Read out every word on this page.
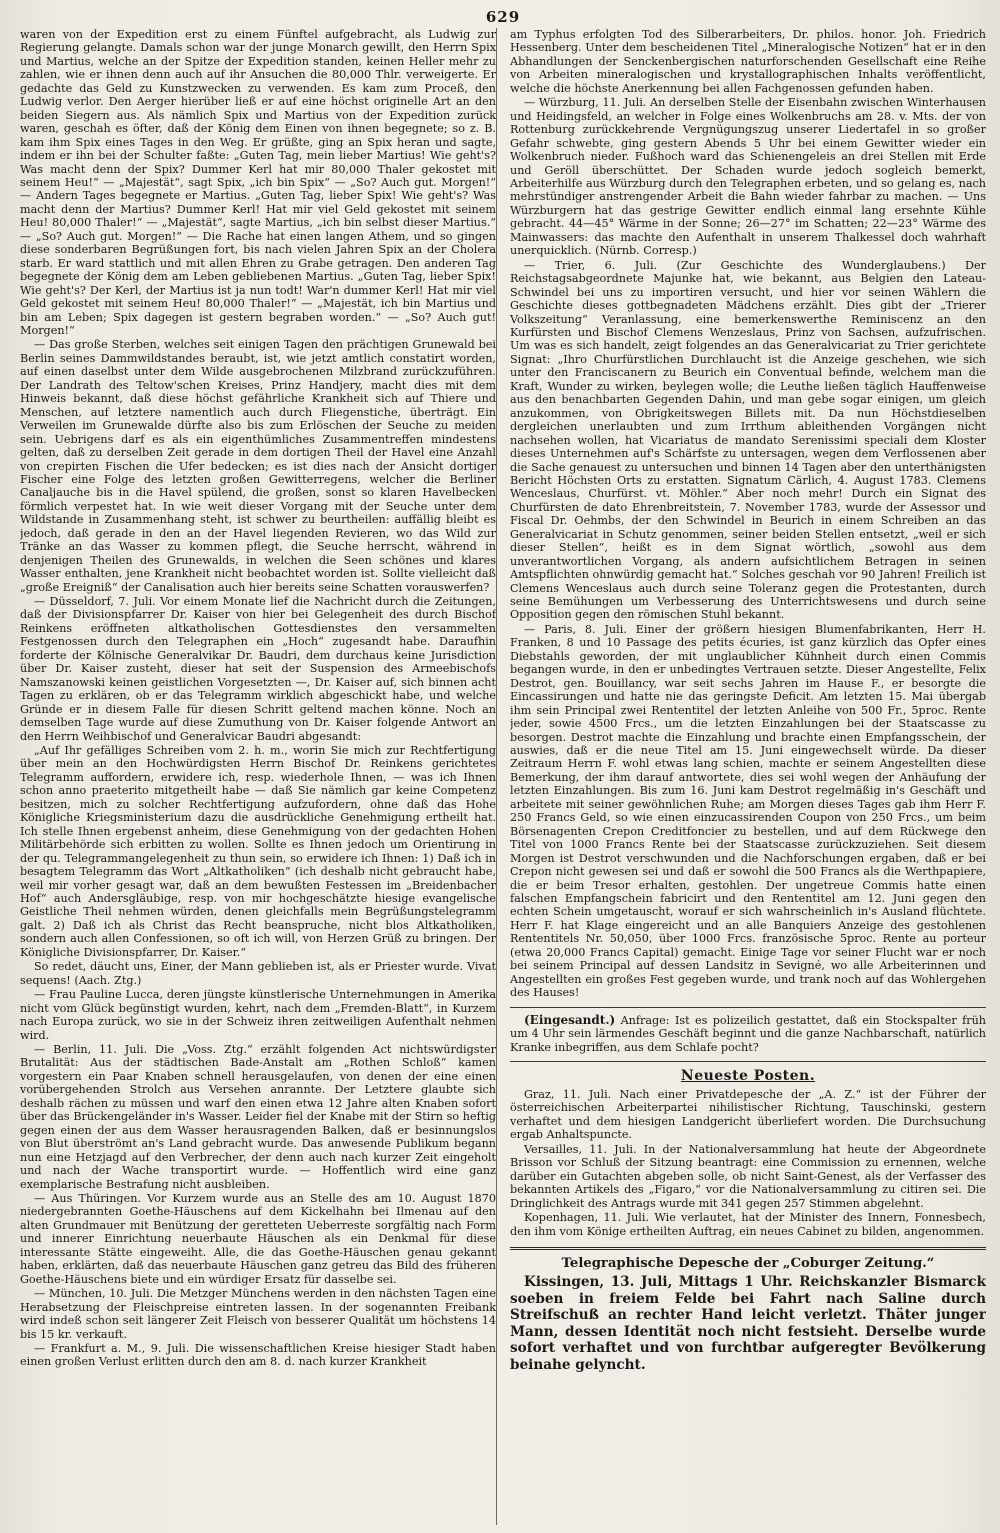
629

waren von der Expedition erst zu einem Fünftel aufgebracht, als Ludwig zur Regierung gelangte. Damals schon war der junge Monarch gewillt, den Herrn Spix und Martius, welche an der Spitze der Expedition standen, keinen Heller mehr zu zahlen, wie er ihnen denn auch auf ihr Ansuchen die 80,000 Thlr. verweigerte. Er gedachte das Geld zu Kunstzwecken zu verwenden. Es kam zum Proceß, den Ludwig verlor. Den Aerger hierüber ließ er auf eine höchst originelle Art an den beiden Siegern aus. Als nämlich Spix und Martius von der Expedition zurück waren, geschah es öfter, daß der König dem Einen von ihnen begegnete; so z. B. kam ihm Spix eines Tages in den Weg. Er grüßte, ging an Spix heran und sagte, indem er ihn bei der Schulter faßte: „Guten Tag, mein lieber Martius! Wie geht's? Was macht denn der Spix? Dummer Kerl hat mir 80,000 Thaler gekostet mit seinem Heu!“ — „Majestät“, sagt Spix, „ich bin Spix“ — „So? Auch gut. Morgen!“ — Andern Tages begegnete er Martius. „Guten Tag, lieber Spix! Wie geht's? Was macht denn der Martius? Dummer Kerl! Hat mir viel Geld gekostet mit seinem Heu! 80,000 Thaler!“ — „Majestät“, sagte Martius, „ich bin selbst dieser Martius.“ — „So? Auch gut. Morgen!“ — Die Rache hat einen langen Athem, und so gingen diese sonderbaren Begrüßungen fort, bis nach vielen Jahren Spix an der Cholera starb. Er ward stattlich und mit allen Ehren zu Grabe getragen. Den anderen Tag begegnete der König dem am Leben gebliebenen Martius. „Guten Tag, lieber Spix! Wie geht's? Der Kerl, der Martius ist ja nun todt! War'n dummer Kerl! Hat mir viel Geld gekostet mit seinem Heu! 80,000 Thaler!“ — „Majestät, ich bin Martius und bin am Leben; Spix dagegen ist gestern begraben worden.“ — „So? Auch gut! Morgen!“

— Das große Sterben, welches seit einigen Tagen den prächtigen Grunewald bei Berlin seines Dammwildstandes beraubt, ist, wie jetzt amtlich constatirt worden, auf einen daselbst unter dem Wilde ausgebrochenen Milzbrand zurückzuführen. Der Landrath des Teltow'schen Kreises, Prinz Handjery, macht dies mit dem Hinweis bekannt, daß diese höchst gefährliche Krankheit sich auf Thiere und Menschen, auf letztere namentlich auch durch Fliegenstiche, überträgt. Ein Verweilen im Grunewalde dürfte also bis zum Erlöschen der Seuche zu meiden sein. Uebrigens darf es als ein eigenthümliches Zusammentreffen mindestens gelten, daß zu derselben Zeit gerade in dem dortigen Theil der Havel eine Anzahl von crepirten Fischen die Ufer bedecken; es ist dies nach der Ansicht dortiger Fischer eine Folge des letzten großen Gewitterregens, welcher die Berliner Canaljauche bis in die Havel spülend, die großen, sonst so klaren Havelbecken förmlich verpestet hat. In wie weit dieser Vorgang mit der Seuche unter dem Wildstande in Zusammenhang steht, ist schwer zu beurtheilen: auffällig bleibt es jedoch, daß gerade in den an der Havel liegenden Revieren, wo das Wild zur Tränke an das Wasser zu kommen pflegt, die Seuche herrscht, während in denjenigen Theilen des Grunewalds, in welchen die Seen schönes und klares Wasser enthalten, jene Krankheit nicht beobachtet worden ist. Sollte vielleicht daß „große Ereigniß“ der Canalisation auch hier bereits seine Schatten vorauswerfen?

— Düsseldorf, 7. Juli. Vor einem Monate lief die Nachricht durch die Zeitungen, daß der Divisionspfarrer Dr. Kaiser von hier bei Gelegenheit des durch Bischof Reinkens eröffneten altkatholischen Gottesdienstes den versammelten Festgenossen durch den Telegraphen ein „Hoch“ zugesandt habe. Daraufhin forderte der Kölnische Generalvikar Dr. Baudri, dem durchaus keine Jurisdiction über Dr. Kaiser zusteht, dieser hat seit der Suspension des Armeebischofs Namszanowski keinen geistlichen Vorgesetzten —, Dr. Kaiser auf, sich binnen acht Tagen zu erklären, ob er das Telegramm wirklich abgeschickt habe, und welche Gründe er in diesem Falle für diesen Schritt geltend machen könne. Noch an demselben Tage wurde auf diese Zumuthung von Dr. Kaiser folgende Antwort an den Herrn Weihbischof und Generalvicar Baudri abgesandt:

„Auf Ihr gefälliges Schreiben vom 2. h. m., worin Sie mich zur Rechtfertigung über mein an den Hochwürdigsten Herrn Bischof Dr. Reinkens gerichtetes Telegramm auffordern, erwidere ich, resp. wiederhole Ihnen, — was ich Ihnen schon anno praeterito mitgetheilt habe — daß Sie nämlich gar keine Competenz besitzen, mich zu solcher Rechtfertigung aufzufordern, ohne daß das Hohe Königliche Kriegsministerium dazu die ausdrückliche Genehmigung ertheilt hat. Ich stelle Ihnen ergebenst anheim, diese Genehmigung von der gedachten Hohen Militärbehörde sich erbitten zu wollen. Sollte es Ihnen jedoch um Orientirung in der qu. Telegrammangelegenheit zu thun sein, so erwidere ich Ihnen: 1) Daß ich in besagtem Telegramm das Wort „Altkatholiken“ (ich deshalb nicht gebraucht habe, weil mir vorher gesagt war, daß an dem bewußten Festessen im „Breidenbacher Hof“ auch Andersgläubige, resp. von mir hochgeschätzte hiesige evangelische Geistliche Theil nehmen würden, denen gleichfalls mein Begrüßungstelegramm galt. 2) Daß ich als Christ das Recht beanspruche, nicht blos Altkatholiken, sondern auch allen Confessionen, so oft ich will, von Herzen Grüß zu bringen. Der Königliche Divisionspfarrer, Dr. Kaiser.“

So redet, däucht uns, Einer, der Mann geblieben ist, als er Priester wurde. Vivat sequens! (Aach. Ztg.)

— Frau Pauline Lucca, deren jüngste künstlerische Unternehmungen in Amerika nicht vom Glück begünstigt wurden, kehrt, nach dem „Fremden-Blatt“, in Kurzem nach Europa zurück, wo sie in der Schweiz ihren zeitweiligen Aufenthalt nehmen wird.

— Berlin, 11. Juli. Die „Voss. Ztg.“ erzählt folgenden Act nichtswürdigster Brutalität: Aus der städtischen Bade-Anstalt am „Rothen Schloß“ kamen vorgestern ein Paar Knaben schnell herausgelaufen, von denen der eine einen vorübergehenden Strolch aus Versehen anrannte. Der Letztere glaubte sich deshalb rächen zu müssen und warf den einen etwa 12 Jahre alten Knaben sofort über das Brückengeländer in's Wasser. Leider fiel der Knabe mit der Stirn so heftig gegen einen der aus dem Wasser herausragenden Balken, daß er besinnungslos von Blut überströmt an's Land gebracht wurde. Das anwesende Publikum begann nun eine Hetzjagd auf den Verbrecher, der denn auch nach kurzer Zeit eingeholt und nach der Wache transportirt wurde. — Hoffentlich wird eine ganz exemplarische Bestrafung nicht ausbleiben.

— Aus Thüringen. Vor Kurzem wurde aus an Stelle des am 10. August 1870 niedergebrannten Goethe-Häuschens auf dem Kickelhahn bei Ilmenau auf den alten Grundmauer mit Benützung der geretteten Ueberreste sorgfältig nach Form und innerer Einrichtung neuerbaute Häuschen als ein Denkmal für diese interessante Stätte eingeweiht. Alle, die das Goethe-Häuschen genau gekannt haben, erklärten, daß das neuerbaute Häuschen ganz getreu das Bild des früheren Goethe-Häuschens biete und ein würdiger Ersatz für dasselbe sei.

— München, 10. Juli. Die Metzger Münchens werden in den nächsten Tagen eine Herabsetzung der Fleischpreise eintreten lassen. In der sogenannten Freibank wird indeß schon seit längerer Zeit Fleisch von besserer Qualität um höchstens 14 bis 15 kr. verkauft.

— Frankfurt a. M., 9. Juli. Die wissenschaftlichen Kreise hiesiger Stadt haben einen großen Verlust erlitten durch den am 8. d. nach kurzer Krankheit

am Typhus erfolgten Tod des Silberarbeiters, Dr. philos. honor. Joh. Friedrich Hessenberg. Unter dem bescheidenen Titel „Mineralogische Notizen“ hat er in den Abhandlungen der Senckenbergischen naturforschenden Gesellschaft eine Reihe von Arbeiten mineralogischen und krystallographischen Inhalts veröffentlicht, welche die höchste Anerkennung bei allen Fachgenossen gefunden haben.

— Würzburg, 11. Juli. An derselben Stelle der Eisenbahn zwischen Winterhausen und Heidingsfeld, an welcher in Folge eines Wolkenbruchs am 28. v. Mts. der von Rottenburg zurückkehrende Vergnügungszug unserer Liedertafel in so großer Gefahr schwebte, ging gestern Abends 5 Uhr bei einem Gewitter wieder ein Wolkenbruch nieder. Fußhoch ward das Schienengeleis an drei Stellen mit Erde und Geröll überschüttet. Der Schaden wurde jedoch sogleich bemerkt, Arbeiterhilfe aus Würzburg durch den Telegraphen erbeten, und so gelang es, nach mehrstündiger anstrengender Arbeit die Bahn wieder fahrbar zu machen. — Uns Würzburgern hat das gestrige Gewitter endlich einmal lang ersehnte Kühle gebracht. 44—45° Wärme in der Sonne; 26—27° im Schatten; 22—23° Wärme des Mainwassers: das machte den Aufenthalt in unserem Thalkessel doch wahrhaft unerquicklich. (Nürnb. Corresp.)

— Trier, 6. Juli. (Zur Geschichte des Wunderglaubens.) Der Reichstagsabgeordnete Majunke hat, wie bekannt, aus Belgien den Lateau-Schwindel bei uns zu importiren versucht, und hier vor seinen Wählern die Geschichte dieses gottbegnadeten Mädchens erzählt. Dies gibt der „Trierer Volkszeitung“ Veranlassung, eine bemerkenswerthe Reminiscenz an den Kurfürsten und Bischof Clemens Wenzeslaus, Prinz von Sachsen, aufzufrischen. Um was es sich handelt, zeigt folgendes an das Generalvicariat zu Trier gerichtete Signat: „Ihro Churfürstlichen Durchlaucht ist die Anzeige geschehen, wie sich unter den Franciscanern zu Beurich ein Conventual befinde, welchem man die Kraft, Wunder zu wirken, beylegen wolle; die Leuthe ließen täglich Hauffenweise aus den benachbarten Gegenden Dahin, und man gebe sogar einigen, um gleich anzukommen, von Obrigkeitswegen Billets mit. Da nun Höchstdieselben dergleichen unerlaubten und zum Irrthum ableithenden Vorgängen nicht nachsehen wollen, hat Vicariatus de mandato Serenissimi speciali dem Kloster dieses Unternehmen auf's Schärfste zu untersagen, wegen dem Verflossenen aber die Sache genauest zu untersuchen und binnen 14 Tagen aber den unterthänigsten Bericht Höchsten Orts zu erstatten. Signatum Cärlich, 4. August 1783. Clemens Wenceslaus, Churfürst. vt. Möhler.“ Aber noch mehr! Durch ein Signat des Churfürsten de dato Ehrenbreitstein, 7. November 1783, wurde der Assessor und Fiscal Dr. Oehmbs, der den Schwindel in Beurich in einem Schreiben an das Generalvicariat in Schutz genommen, seiner beiden Stellen entsetzt, „weil er sich dieser Stellen“, heißt es in dem Signat wörtlich, „sowohl aus dem unverantwortlichen Vorgang, als andern aufsichtlichem Betragen in seinen Amtspflichten ohnwürdig gemacht hat.“ Solches geschah vor 90 Jahren! Freilich ist Clemens Wenceslaus auch durch seine Toleranz gegen die Protestanten, durch seine Bemühungen um Verbesserung des Unterrichtswesens und durch seine Opposition gegen den römischen Stuhl bekannt.

— Paris, 8. Juli. Einer der größern hiesigen Blumenfabrikanten, Herr H. Franken, 8 und 10 Passage des petits écuries, ist ganz kürzlich das Opfer eines Diebstahls geworden, der mit unglaublicher Kühnheit durch einen Commis begangen wurde, in den er unbedingtes Vertrauen setzte. Dieser Angestellte, Felix Destrot, gen. Bouillancy, war seit sechs Jahren im Hause F., er besorgte die Eincassirungen und hatte nie das geringste Deficit. Am letzten 15. Mai übergab ihm sein Principal zwei Rententitel der letzten Anleihe von 500 Fr., 5proc. Rente jeder, sowie 4500 Frcs., um die letzten Einzahlungen bei der Staatscasse zu besorgen. Destrot machte die Einzahlung und brachte einen Empfangsschein, der auswies, daß er die neue Titel am 15. Juni eingewechselt würde. Da dieser Zeitraum Herrn F. wohl etwas lang schien, machte er seinem Angestellten diese Bemerkung, der ihm darauf antwortete, dies sei wohl wegen der Anhäufung der letzten Einzahlungen. Bis zum 16. Juni kam Destrot regelmäßig in's Geschäft und arbeitete mit seiner gewöhnlichen Ruhe; am Morgen dieses Tages gab ihm Herr F. 250 Francs Geld, so wie einen einzucassirenden Coupon von 250 Frcs., um beim Börsenagenten Crepon Creditfoncier zu bestellen, und auf dem Rückwege den Titel von 1000 Francs Rente bei der Staatscasse zurückzuziehen. Seit diesem Morgen ist Destrot verschwunden und die Nachforschungen ergaben, daß er bei Crepon nicht gewesen sei und daß er sowohl die 500 Francs als die Werthpapiere, die er beim Tresor erhalten, gestohlen. Der ungetreue Commis hatte einen falschen Empfangschein fabricirt und den Rententitel am 12. Juni gegen den echten Schein umgetauscht, worauf er sich wahrscheinlich in's Ausland flüchtete. Herr F. hat Klage eingereicht und an alle Banquiers Anzeige des gestohlenen Rententitels Nr. 50,050, über 1000 Frcs. französische 5proc. Rente au porteur (etwa 20,000 Francs Capital) gemacht. Einige Tage vor seiner Flucht war er noch bei seinem Principal auf dessen Landsitz in Sevigné, wo alle Arbeiterinnen und Angestellten ein großes Fest gegeben wurde, und trank noch auf das Wohlergehen des Hauses!

(Eingesandt.) Anfrage: Ist es polizeilich gestattet, daß ein Stockspalter früh um 4 Uhr sein lärmendes Geschäft beginnt und die ganze Nachbarschaft, natürlich Kranke inbegriffen, aus dem Schlafe pocht?

Neueste Posten.

Graz, 11. Juli. Nach einer Privatdepesche der „A. Z.“ ist der Führer der österreichischen Arbeiterpartei nihilistischer Richtung, Tauschinski, gestern verhaftet und dem hiesigen Landgericht überliefert worden. Die Durchsuchung ergab Anhaltspuncte.

Versailles, 11. Juli. In der Nationalversammlung hat heute der Abgeordnete Brisson vor Schluß der Sitzung beantragt: eine Commission zu ernennen, welche darüber ein Gutachten abgeben solle, ob nicht Saint-Genest, als der Verfasser des bekannten Artikels des „Figaro,“ vor die Nationalversammlung zu citiren sei. Die Dringlichkeit des Antrags wurde mit 341 gegen 257 Stimmen abgelehnt.

Kopenhagen, 11. Juli. Wie verlautet, hat der Minister des Innern, Fonnesbech, den ihm vom Könige ertheilten Auftrag, ein neues Cabinet zu bilden, angenommen.

Telegraphische Depesche der „Coburger Zeitung.“

Kissingen, 13. Juli, Mittags 1 Uhr. Reichskanzler Bismarck soeben in freiem Felde bei Fahrt nach Saline durch Streifschuß an rechter Hand leicht verletzt. Thäter junger Mann, dessen Identität noch nicht festsieht. Derselbe wurde sofort verhaftet und von furchtbar aufgeregter Bevölkerung beinahe gelyncht.
